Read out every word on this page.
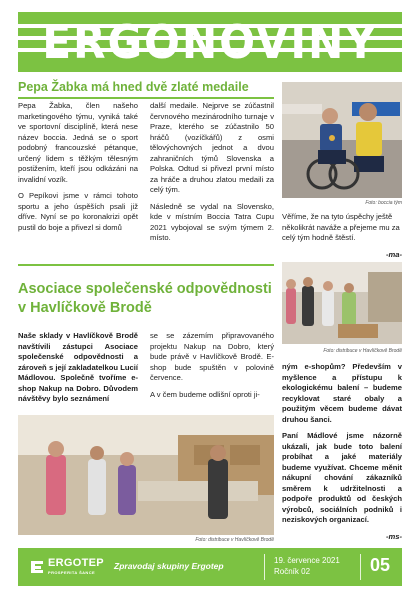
ERGONOVINY
Pepa Žabka má hned dvě zlaté medaile

Pepa Žabka, člen našeho marketingového týmu, vyniká také ve sportovní disciplíně, která nese název boccia. Jedná se o sport podobný francouzské pétanque, určený lidem s těžkým tělesným postižením, kteří jsou odkázáni na invalidní vozík.

O Pepíkovi jsme v rámci tohoto sportu a jeho úspěších psali již dříve. Nyní se po koronakrizi opět pustil do boje a přivezl si domů

další medaile. Nejprve se zúčastnil červnového mezinárodního turnaje v Praze, kterého se zúčastnilo 50 hráčů (vozíčkářů) z osmi tělovýchovných jednot a dvou zahraničních týmů Slovenska a Polska. Odtud si přivezl první místo za hráče a druhou zlatou medaili za celý tým.

Následně se vydal na Slovensko, kde v místním Boccia Tatra Cupu 2021 vybojoval se svým týmem 2. místo.

Foto: boccia tým

Věříme, že na tyto úspěchy ještě několikrát naváže a přejeme mu za celý tým hodně štěstí.

-ma-

Asociace společenské odpovědnosti v Havlíčkově Brodě

Naše sklady v Havlíčkově Brodě navštívili zástupci Asociace společenské odpovědnosti a zároveň s její zakladatelkou Lucií Mádlovou. Společně tvoříme e-shop Nakup na Dobro. Důvodem návštěvy bylo seznámení

se se zázemím připravovaného projektu Nakup na Dobro, který bude právě v Havlíčkově Brodě. E-shop bude spuštěn v polovině července.

A v čem budeme odlišní oproti ji-

Foto: distribuce v Havlíčkově Brodě
Foto: distribuce v Havlíčkově Brodě

ným e-shopům? Především v myšlence a přístupu k ekologickému balení – budeme recyklovat staré obaly a použitým věcem budeme dávat druhou šanci.

Paní Mádlové jsme názorně ukázali, jak bude toto balení probíhat a jaké materiály budeme využívat. Chceme měnit nákupní chování zákazníků směrem k udržitelnosti a podpoře produktů od českých výrobců, sociálních podniků i neziskových organizací.

-ms-

ERGOTEP
PROSPERITA ŠANCE
Zpravodaj skupiny Ergotep
19. července 2021
Ročník 02	05
